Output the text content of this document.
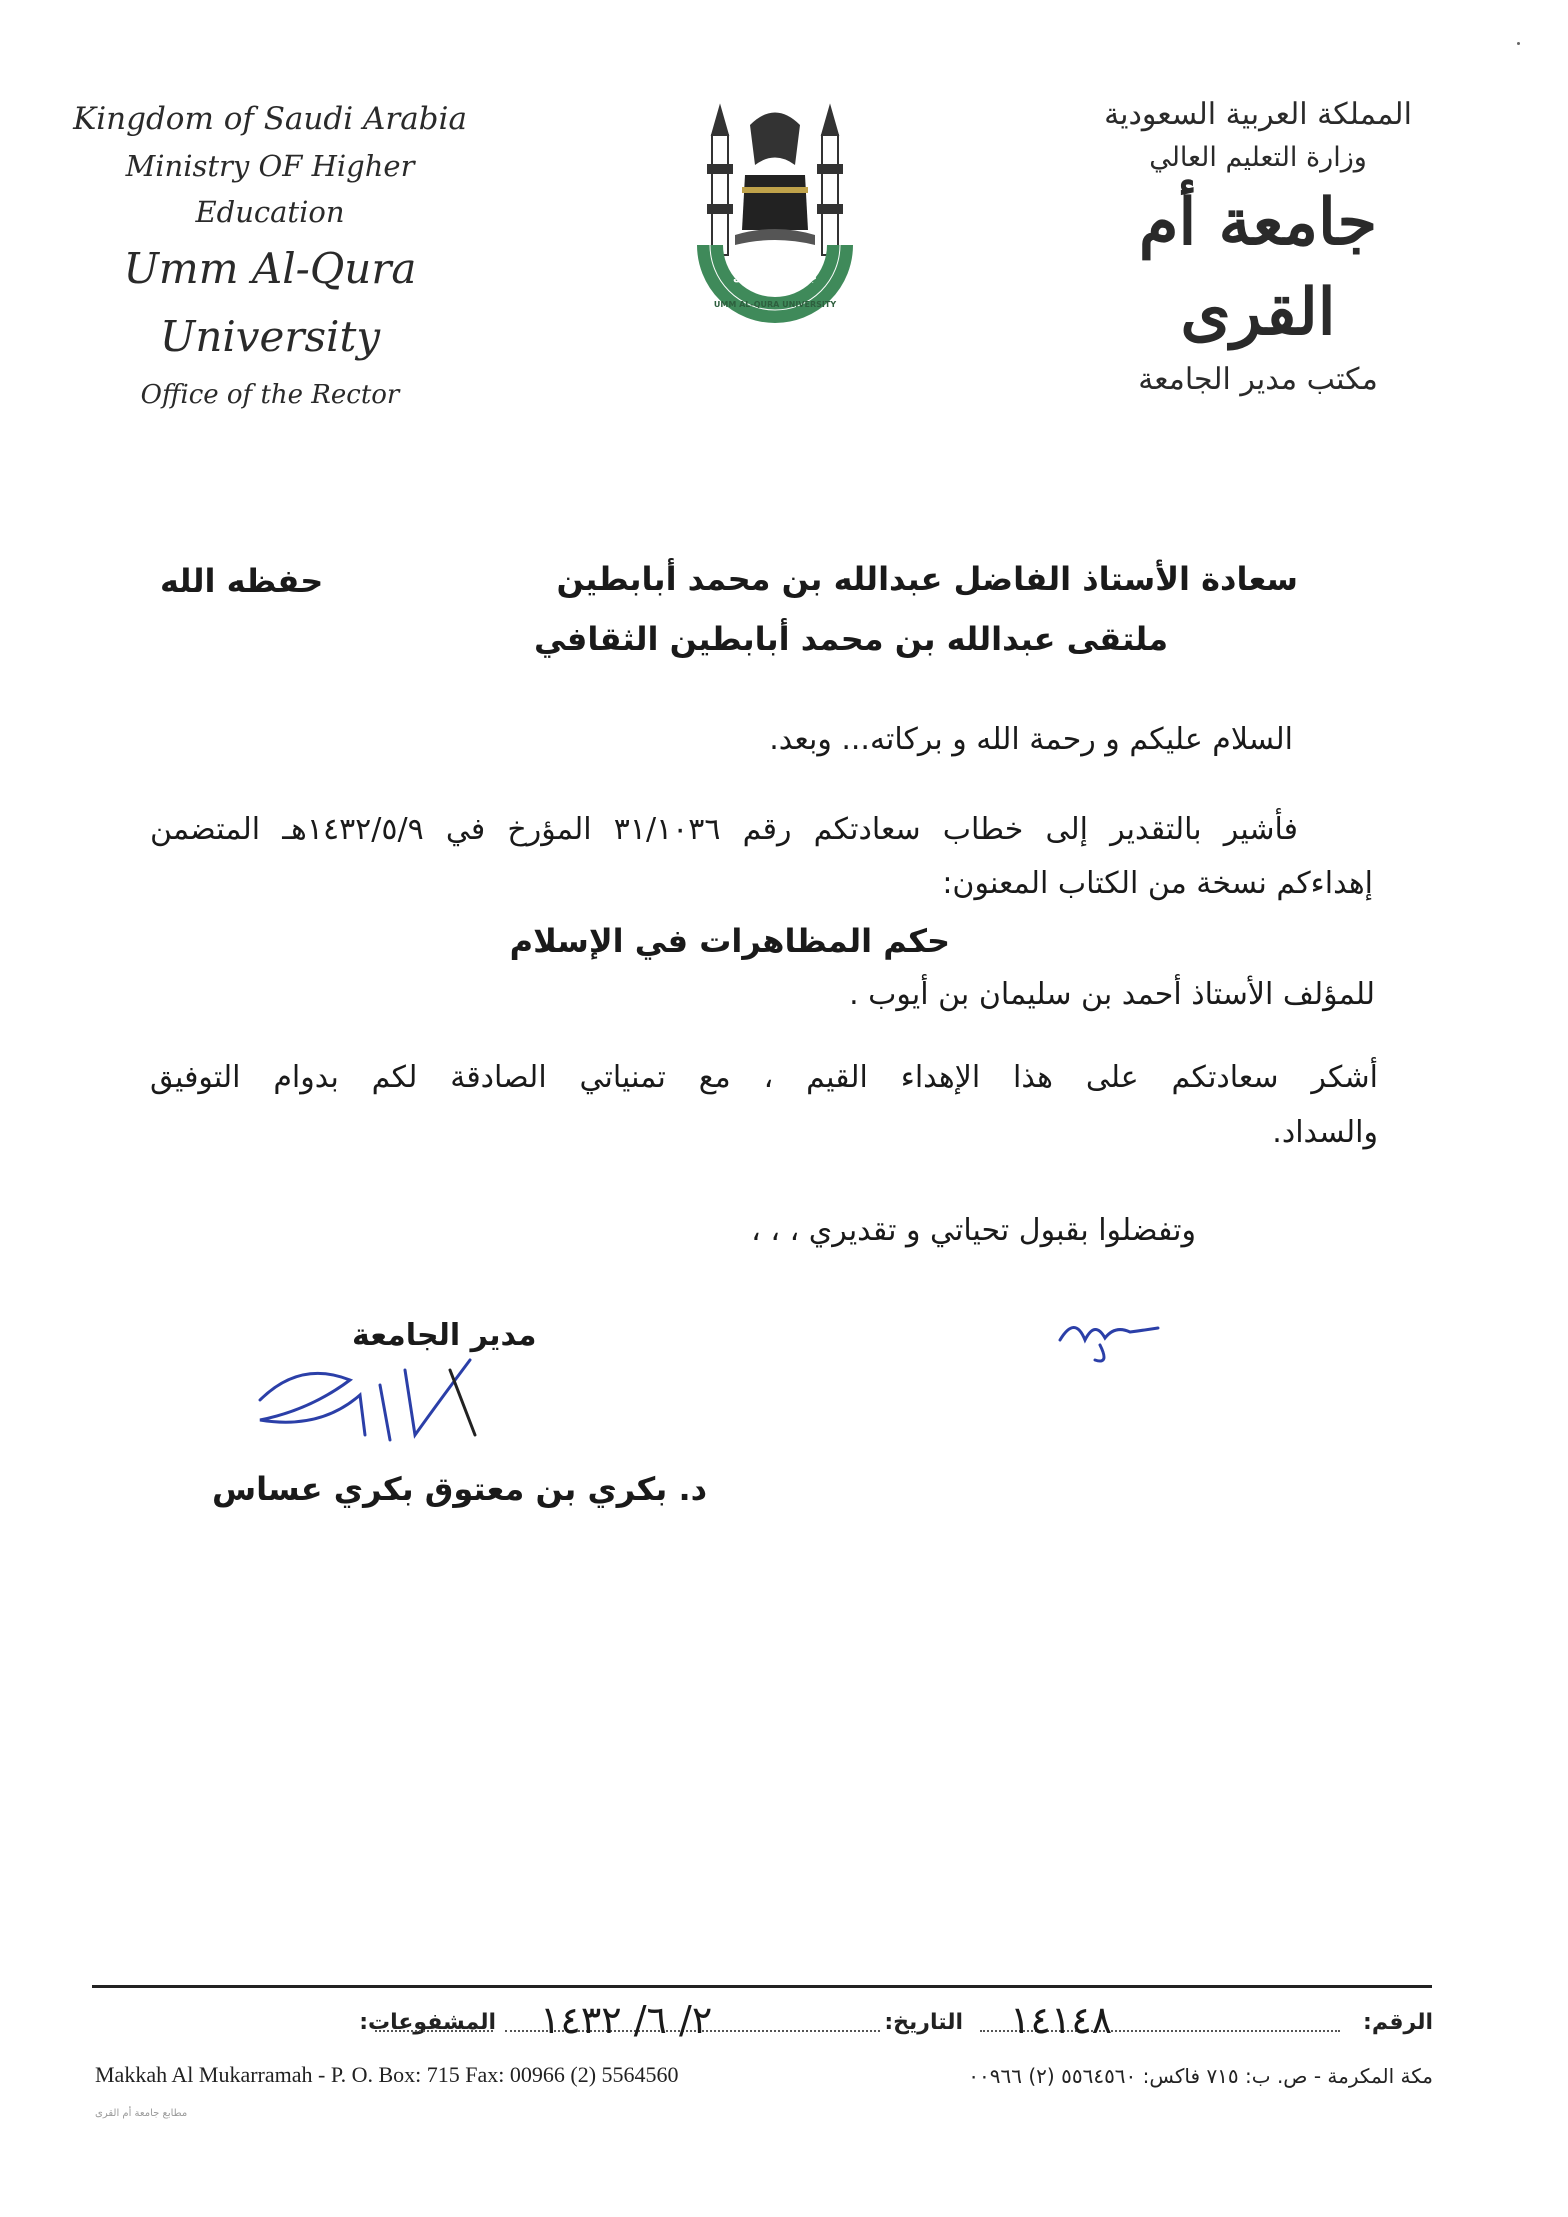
Kingdom of Saudi Arabia
Ministry OF Higher Education
Umm Al-Qura University
Office of the Rector
UMM AL-QURA UNIVERSITY
جامعة أم القرى
المملكة العربية السعودية
وزارة التعليم العالي
جامعة أم القرى
مكتب مدير الجامعة
سعادة الأستاذ الفاضل عبدالله بن محمد أبابطين
ملتقى عبدالله بن محمد أبابطين الثقافي
حفظه الله
السلام عليكم و رحمة الله و بركاته... وبعد.
فأشير بالتقدير إلى خطاب سعادتكم رقم ٣١/١٠٣٦ المؤرخ في ١٤٣٢/٥/٩هـ المتضمن
إهداءكم نسخة من الكتاب المعنون:
حكم المظاهرات في الإسلام
للمؤلف الأستاذ أحمد بن سليمان بن أيوب .
أشكر سعادتكم على هذا الإهداء القيم ، مع تمنياتي الصادقة لكم بدوام التوفيق
والسداد.
وتفضلوا بقبول تحياتي و تقديري ، ، ،
مدير الجامعة
د. بكري بن معتوق بكري عساس
الرقم:
١٤١٤٨
التاريخ:
٢/ ٦/ ١٤٣٢
المشفوعات:
Makkah Al Mukarramah - P. O. Box: 715 Fax: 00966 (2) 5564560	مكة المكرمة - ص. ب: ٧١٥ فاكس: ٥٥٦٤٥٦٠ (٢) ٠٠٩٦٦
مطابع جامعة أم القرى
